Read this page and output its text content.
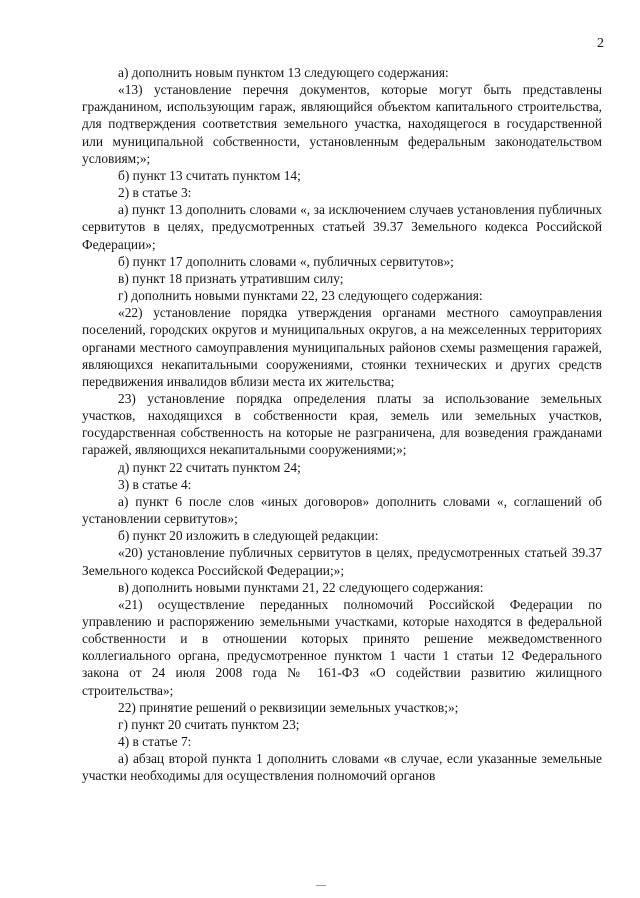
2

а) дополнить новым пунктом 13 следующего содержания:

«13) установление перечня документов, которые могут быть представлены гражданином, использующим гараж, являющийся объектом капитального строительства, для подтверждения соответствия земельного участка, находящегося в государственной или муниципальной собственности, установленным федеральным законодательством условиям;»;

б) пункт 13 считать пунктом 14;

2) в статье 3:

а) пункт 13 дополнить словами «, за исключением случаев установления публичных сервитутов в целях, предусмотренных статьей 39.37 Земельного кодекса Российской Федерации»;

б) пункт 17 дополнить словами «, публичных сервитутов»;

в) пункт 18 признать утратившим силу;

г) дополнить новыми пунктами 22, 23 следующего содержания:

«22) установление порядка утверждения органами местного самоуправления поселений, городских округов и муниципальных округов, а на межселенных территориях органами местного самоуправления муниципальных районов схемы размещения гаражей, являющихся некапитальными сооружениями, стоянки технических и других средств передвижения инвалидов вблизи места их жительства;

23) установление порядка определения платы за использование земельных участков, находящихся в собственности края, земель или земельных участков, государственная собственность на которые не разграничена, для возведения гражданами гаражей, являющихся некапитальными сооружениями;»;

д) пункт 22 считать пунктом 24;

3) в статье 4:

а) пункт 6 после слов «иных договоров» дополнить словами «, соглашений об установлении сервитутов»;

б) пункт 20 изложить в следующей редакции:

«20) установление публичных сервитутов в целях, предусмотренных статьей 39.37 Земельного кодекса Российской Федерации;»;

в) дополнить новыми пунктами 21, 22 следующего содержания:

«21) осуществление переданных полномочий Российской Федерации по управлению и распоряжению земельными участками, которые находятся в федеральной собственности и в отношении которых принято решение межведомственного коллегиального органа, предусмотренное пунктом 1 части 1 статьи 12 Федерального закона от 24 июля 2008 года № 161-ФЗ «О содействии развитию жилищного строительства»;

22) принятие решений о реквизиции земельных участков;»;

г) пункт 20 считать пунктом 23;

4) в статье 7:

а) абзац второй пункта 1 дополнить словами «в случае, если указанные земельные участки необходимы для осуществления полномочий органов
